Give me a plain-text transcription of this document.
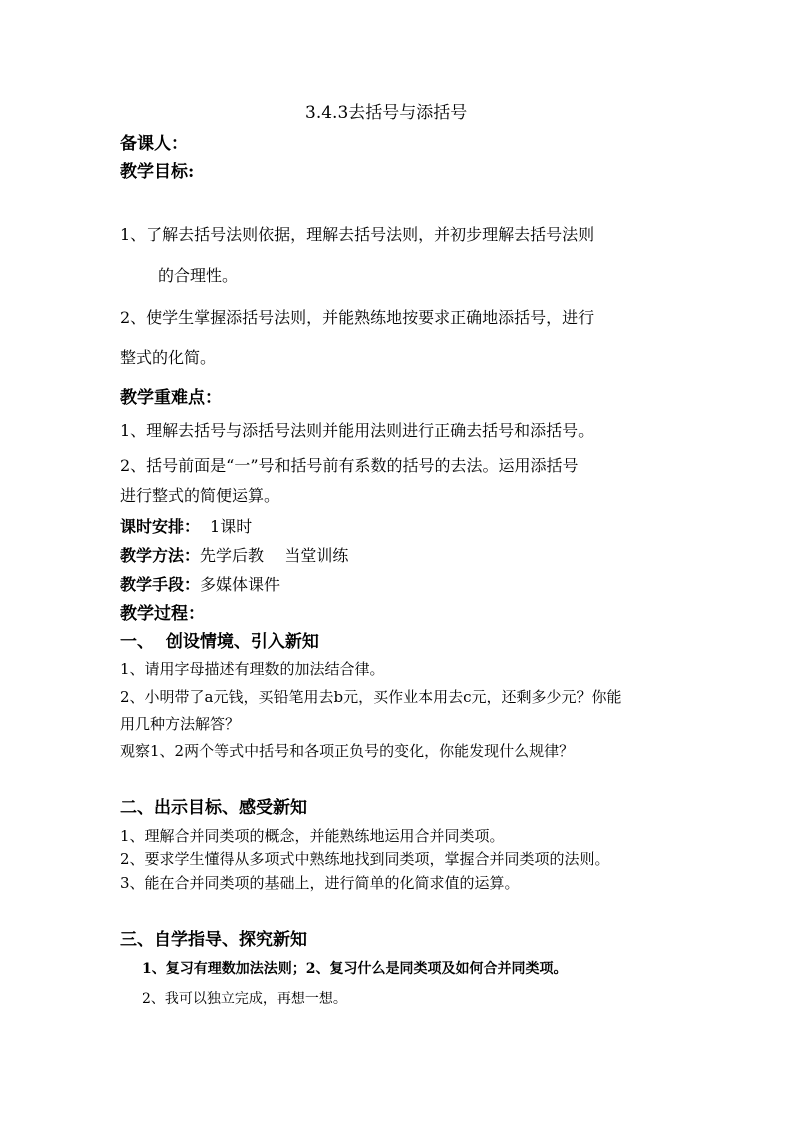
3.4.3去括号与添括号
备课人：
教学目标:
1、了解去括号法则依据，理解去括号法则，并初步理解去括号法则
的合理性。
2、使学生掌握添括号法则，并能熟练地按要求正确地添括号，进行
整式的化简。
教学重难点：
1、理解去括号与添括号法则并能用法则进行正确去括号和添括号。
2、括号前面是“一”号和括号前有系数的括号的去法。运用添括号
进行整式的简便运算。
课时安排： 1课时
教学方法：先学后教    当堂训练
教学手段：多媒体课件
教学过程：
一、  创设情境、引入新知
1、请用字母描述有理数的加法结合律。
2、小明带了a元钱，买铅笔用去b元，买作业本用去c元，还剩多少元？你能
用几种方法解答？
观察1、2两个等式中括号和各项正负号的变化，你能发现什么规律？
二、出示目标、感受新知
1、理解合并同类项的概念，并能熟练地运用合并同类项。
2、要求学生懂得从多项式中熟练地找到同类项，掌握合并同类项的法则。
3、能在合并同类项的基础上，进行简单的化简求值的运算。
三、自学指导、探究新知
1、复习有理数加法法则；2、复习什么是同类项及如何合并同类项。
2、我可以独立完成，再想一想。
